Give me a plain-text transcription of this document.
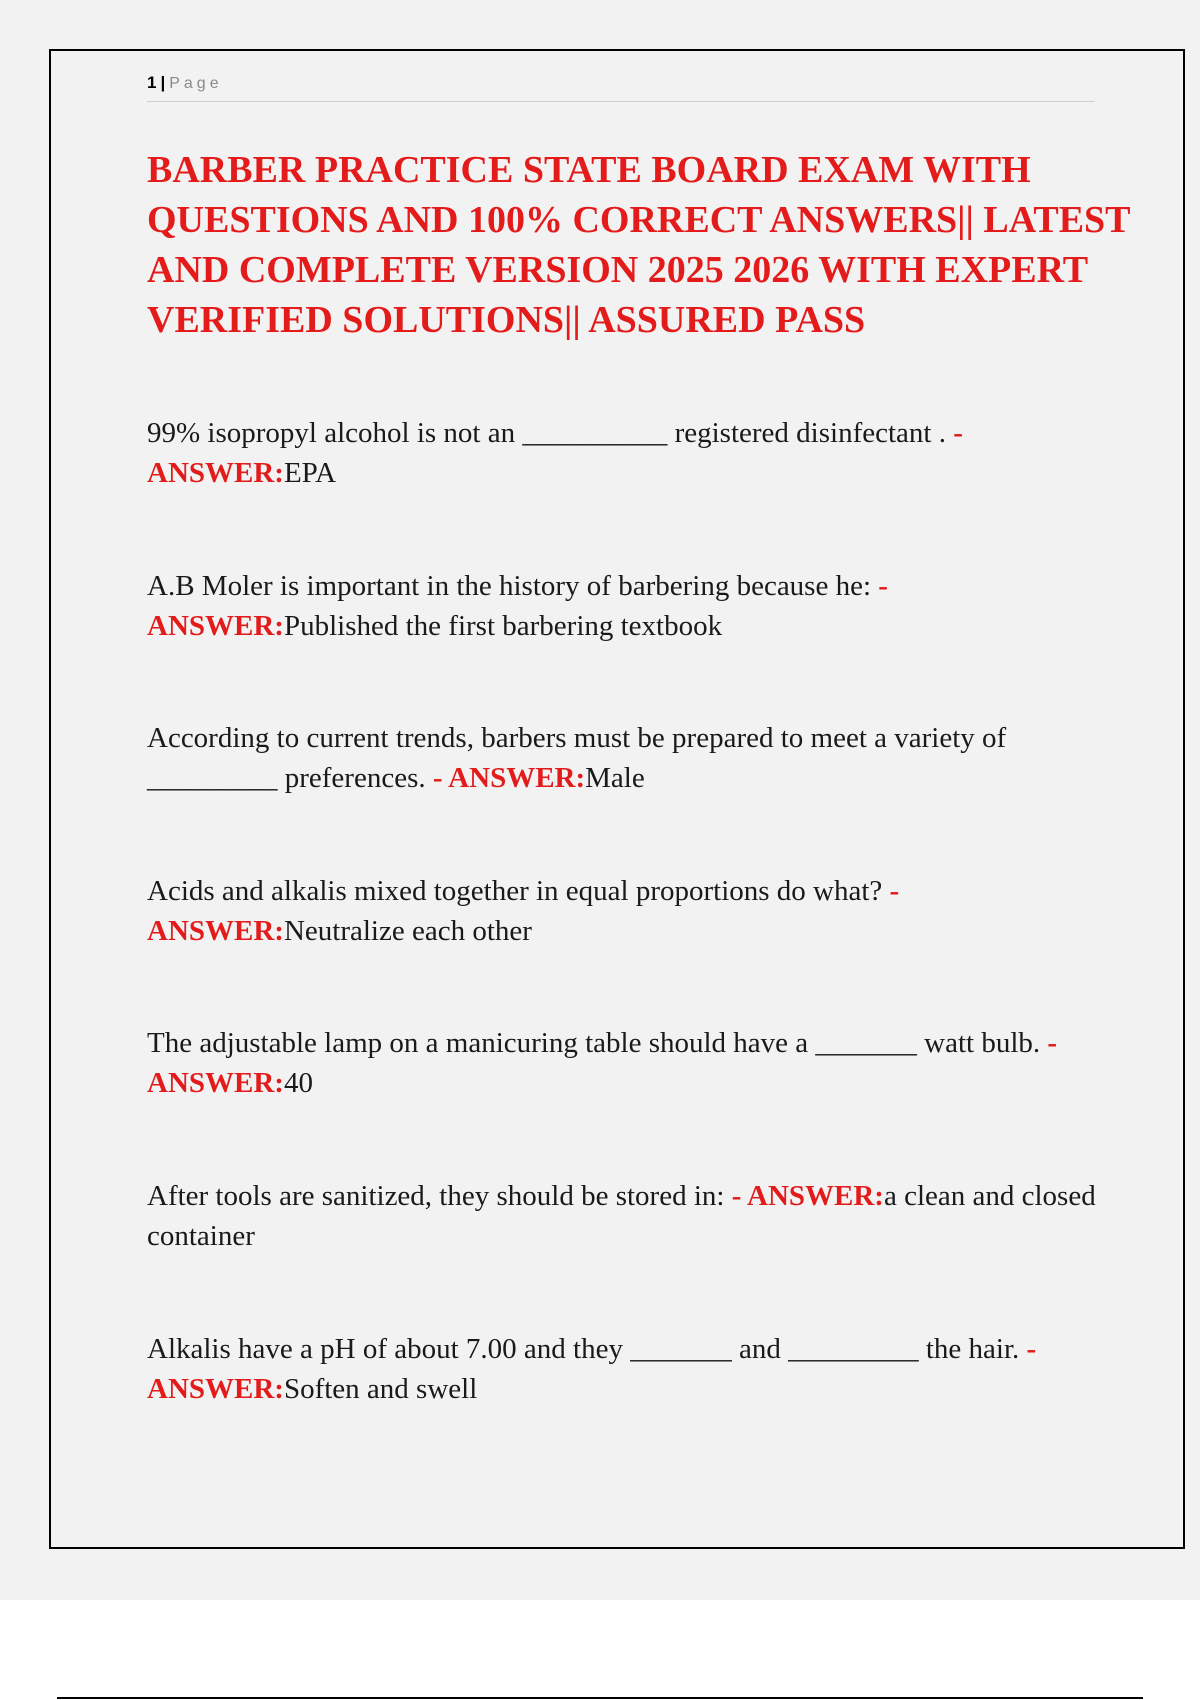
1 | Page
BARBER PRACTICE STATE BOARD EXAM WITH QUESTIONS AND 100% CORRECT ANSWERS|| LATEST AND COMPLETE VERSION 2025 2026 WITH EXPERT VERIFIED SOLUTIONS|| ASSURED PASS

99% isopropyl alcohol is not an __________ registered disinfectant . - ANSWER:EPA

A.B Moler is important in the history of barbering because he: - ANSWER:Published the first barbering textbook

According to current trends, barbers must be prepared to meet a variety of _________ preferences. - ANSWER:Male

Acids and alkalis mixed together in equal proportions do what? - ANSWER:Neutralize each other

The adjustable lamp on a manicuring table should have a _______ watt bulb. - ANSWER:40

After tools are sanitized, they should be stored in: - ANSWER:a clean and closed container

Alkalis have a pH of about 7.00 and they _______ and _________ the hair. - ANSWER:Soften and swell
